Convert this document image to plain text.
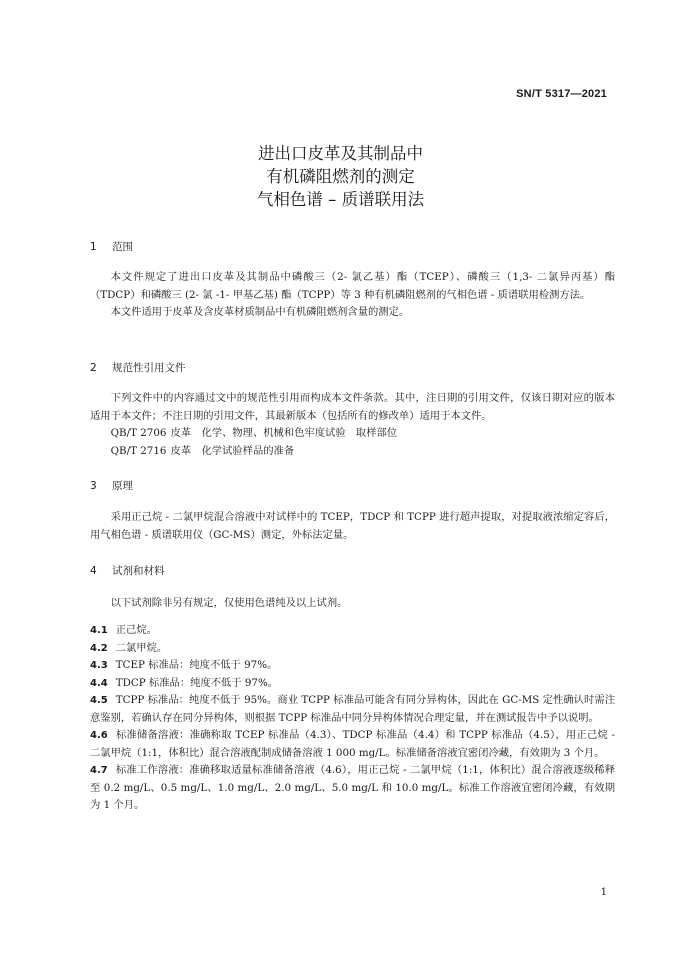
SN/T 5317—2021
进出口皮革及其制品中
有机磷阻燃剂的测定
气相色谱 – 质谱联用法
1 范围

本文件规定了进出口皮革及其制品中磷酸三（2- 氯乙基）酯（TCEP）、磷酸三（1,3- 二氯异丙基）酯（TDCP）和磷酸三 (2- 氯 -1- 甲基乙基) 酯（TCPP）等 3 种有机磷阻燃剂的气相色谱 - 质谱联用检测方法。

本文件适用于皮革及含皮革材质制品中有机磷阻燃剂含量的测定。

2 规范性引用文件

下列文件中的内容通过文中的规范性引用而构成本文件条款。其中，注日期的引用文件，仅该日期对应的版本适用于本文件；不注日期的引用文件，其最新版本（包括所有的修改单）适用于本文件。

QB/T 2706 皮革　化学、物理、机械和色牢度试验　取样部位

QB/T 2716 皮革　化学试验样品的准备

3 原理

采用正己烷 - 二氯甲烷混合溶液中对试样中的 TCEP，TDCP 和 TCPP 进行超声提取，对提取液浓缩定容后，用气相色谱 - 质谱联用仪（GC-MS）测定，外标法定量。

4 试剂和材料

以下试剂除非另有规定，仅使用色谱纯及以上试剂。

4.1 正己烷。

4.2 二氯甲烷。

4.3 TCEP 标准品：纯度不低于 97%。

4.4 TDCP 标准品：纯度不低于 97%。

4.5 TCPP 标准品：纯度不低于 95%。商业 TCPP 标准品可能含有同分异构体，因此在 GC-MS 定性确认时需注意鉴别，若确认存在同分异构体，则根据 TCPP 标准品中同分异构体情况合理定量，并在测试报告中予以说明。

4.6 标准储备溶液：准确称取 TCEP 标准品（4.3）、TDCP 标准品（4.4）和 TCPP 标准品（4.5），用正己烷 - 二氯甲烷（1:1，体积比）混合溶液配制成储备溶液 1 000 mg/L。标准储备溶液宜密闭冷藏，有效期为 3 个月。

4.7 标准工作溶液：准确移取适量标准储备溶液（4.6），用正己烷 - 二氯甲烷（1:1，体积比）混合溶液逐级稀释至 0.2 mg/L、0.5 mg/L、1.0 mg/L、2.0 mg/L、5.0 mg/L 和 10.0 mg/L。标准工作溶液宜密闭冷藏，有效期为 1 个月。

1
